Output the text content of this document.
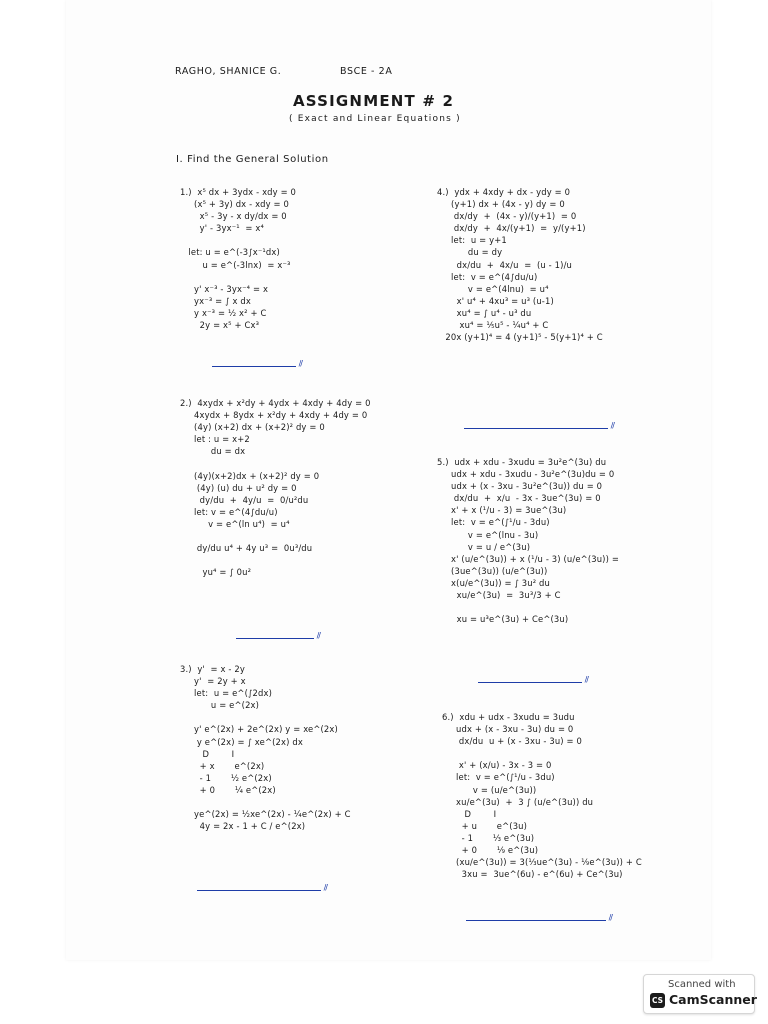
RAGHO, SHANICE G.	BSCE - 2A
ASSIGNMENT # 2
( Exact and Linear Equations )
I. Find the General Solution
1.)  x⁵ dx + 3ydx - xdy = 0
(x⁵ + 3y) dx - xdy = 0
x⁵ - 3y - x dy/dx = 0
y' - 3yx⁻¹  = x⁴

let: u = e^(-3∫x⁻¹dx)
u = e^(-3lnx)  = x⁻³

y' x⁻³ - 3yx⁻⁴ = x
yx⁻³ = ∫ x dx
y x⁻³ = ½ x² + C
2y = x⁵ + Cx³
//
2.)  4xydx + x²dy + 4ydx + 4xdy + 4dy = 0
4xydx + 8ydx + x²dy + 4xdy + 4dy = 0
(4y) (x+2) dx + (x+2)² dy = 0
let : u = x+2
du = dx

(4y)(x+2)dx + (x+2)² dy = 0
(4y) (u) du + u² dy = 0
dy/du  +  4y/u  =  0/u²du
let: v = e^(4∫du/u)
v = e^(ln u⁴)  = u⁴

dy/du u⁴ + 4y u³ =  0u³/du

yu⁴ = ∫ 0u²
//
3.)  y'  = x - 2y
y'  = 2y + x
let:  u = e^(∫2dx)
u = e^(2x)

y' e^(2x) + 2e^(2x) y = xe^(2x)
y e^(2x) = ∫ xe^(2x) dx
D        I
+ x       e^(2x)
- 1       ½ e^(2x)
+ 0       ¼ e^(2x)

ye^(2x) = ½xe^(2x) - ¼e^(2x) + C
4y = 2x - 1 + C / e^(2x)
//
4.)  ydx + 4xdy + dx - ydy = 0
(y+1) dx + (4x - y) dy = 0
dx/dy  +  (4x - y)/(y+1)  = 0
dx/dy  +  4x/(y+1)  =  y/(y+1)
let:  u = y+1
du = dy
dx/du  +  4x/u  =  (u - 1)/u
let:  v = e^(4∫du/u)
v = e^(4lnu)  = u⁴
x' u⁴ + 4xu³ = u³ (u-1)
xu⁴ = ∫ u⁴ - u³ du
xu⁴ = ⅕u⁵ - ¼u⁴ + C
20x (y+1)⁴ = 4 (y+1)⁵ - 5(y+1)⁴ + C
//
5.)  udx + xdu - 3xudu = 3u²e^(3u) du
udx + xdu - 3xudu - 3u²e^(3u)du = 0
udx + (x - 3xu - 3u²e^(3u)) du = 0
dx/du  +  x/u  - 3x - 3ue^(3u) = 0
x' + x (¹/u - 3) = 3ue^(3u)
let:  v = e^(∫¹/u - 3du)
v = e^(lnu - 3u)
v = u / e^(3u)
x' (u/e^(3u)) + x (¹/u - 3) (u/e^(3u)) =
(3ue^(3u)) (u/e^(3u))
x(u/e^(3u)) = ∫ 3u² du
xu/e^(3u)  =  3u³/3 + C

xu = u³e^(3u) + Ce^(3u)
//
6.)  xdu + udx - 3xudu = 3udu
udx + (x - 3xu - 3u) du = 0
dx/du  u + (x - 3xu - 3u) = 0

x' + (x/u) - 3x - 3 = 0
let:  v = e^(∫¹/u - 3du)
v = (u/e^(3u))
xu/e^(3u)  +  3 ∫ (u/e^(3u)) du
D        I
+ u       e^(3u)
- 1       ⅓ e^(3u)
+ 0       ⅑ e^(3u)
(xu/e^(3u)) = 3(⅓ue^(3u) - ⅑e^(3u)) + C
3xu =  3ue^(6u) - e^(6u) + Ce^(3u)
//
Scanned with
CS CamScanner
